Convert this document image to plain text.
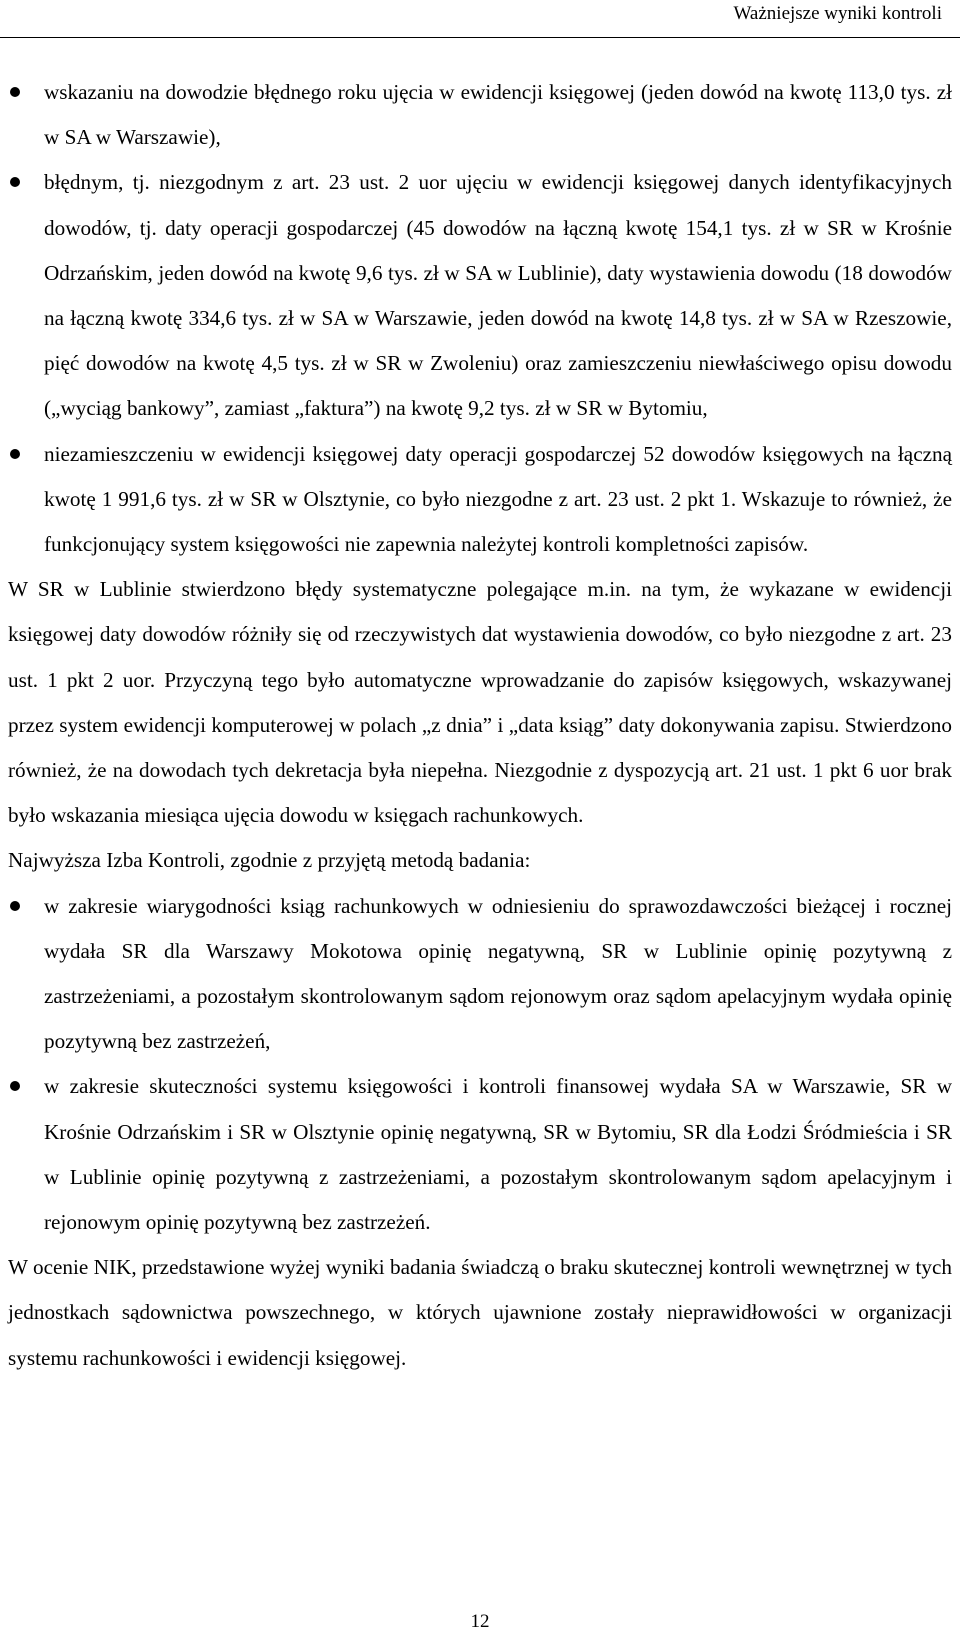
Ważniejsze wyniki kontroli
wskazaniu na dowodzie błędnego roku ujęcia w ewidencji księgowej (jeden dowód na kwotę 113,0 tys. zł w SA w Warszawie),
błędnym, tj. niezgodnym z art. 23 ust. 2 uor ujęciu w ewidencji księgowej danych identyfikacyjnych dowodów, tj. daty operacji gospodarczej (45 dowodów na łączną kwotę 154,1 tys. zł w SR w Krośnie Odrzańskim, jeden dowód na kwotę 9,6 tys. zł w SA w Lublinie), daty wystawienia dowodu (18 dowodów na łączną kwotę 334,6 tys. zł w SA w Warszawie, jeden dowód na kwotę 14,8 tys. zł w SA w Rzeszowie, pięć dowodów na kwotę 4,5 tys. zł w SR w Zwoleniu) oraz zamieszczeniu niewłaściwego opisu dowodu („wyciąg bankowy”, zamiast „faktura”) na kwotę 9,2 tys. zł w SR w Bytomiu,
niezamieszczeniu w ewidencji księgowej daty operacji gospodarczej 52 dowodów księgowych na łączną kwotę 1 991,6 tys. zł w SR w Olsztynie, co było niezgodne z art. 23 ust. 2 pkt 1. Wskazuje to również, że funkcjonujący system księgowości nie zapewnia należytej kontroli kompletności zapisów.

W SR w Lublinie stwierdzono błędy systematyczne polegające m.in. na tym, że wykazane w ewidencji księgowej daty dowodów różniły się od rzeczywistych dat wystawienia dowodów, co było niezgodne z art. 23 ust. 1 pkt 2 uor. Przyczyną tego było automatyczne wprowadzanie do zapisów księgowych, wskazywanej przez system ewidencji komputerowej w polach „z dnia” i „data ksiąg” daty dokonywania zapisu. Stwierdzono również, że na dowodach tych dekretacja była niepełna. Niezgodnie z dyspozycją art. 21 ust. 1 pkt 6 uor brak było wskazania miesiąca ujęcia dowodu w księgach rachunkowych.

Najwyższa Izba Kontroli, zgodnie z przyjętą metodą badania:

w zakresie wiarygodności ksiąg rachunkowych w odniesieniu do sprawozdawczości bieżącej i rocznej wydała SR dla Warszawy Mokotowa opinię negatywną, SR w Lublinie opinię pozytywną z zastrzeżeniami, a pozostałym skontrolowanym sądom rejonowym oraz sądom apelacyjnym wydała opinię pozytywną bez zastrzeżeń,
w zakresie skuteczności systemu księgowości i kontroli finansowej wydała SA w Warszawie, SR w Krośnie Odrzańskim i SR w Olsztynie opinię negatywną, SR w Bytomiu, SR dla Łodzi Śródmieścia i SR w Lublinie opinię pozytywną z zastrzeżeniami, a pozostałym skontrolowanym sądom apelacyjnym i rejonowym opinię pozytywną bez zastrzeżeń.

W ocenie NIK, przedstawione wyżej wyniki badania świadczą o braku skutecznej kontroli wewnętrznej w tych jednostkach sądownictwa powszechnego, w których ujawnione zostały nieprawidłowości w organizacji systemu rachunkowości i ewidencji księgowej.

12
